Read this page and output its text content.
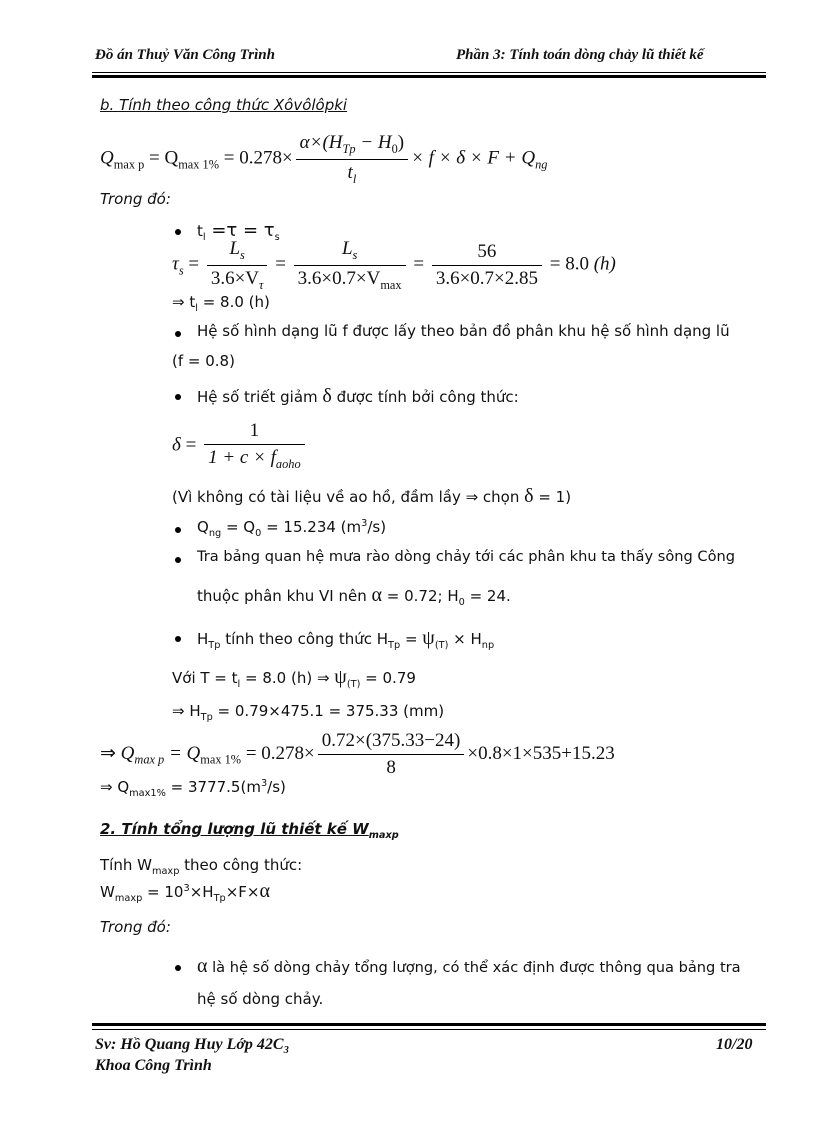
Đồ án Thuỷ Văn Công Trình	Phần 3: Tính toán dòng chảy lũ thiết kế
b. Tính theo công thức Xôvôlôpki
$Q_{max p} = Q_{max 1\%} = 0.278\times \frac{\alpha\times(H_{Tp} - H_0)}{t_l} \times f \times \delta \times F + Q_{ng}$
Trong đó:
$t_l =\tau = \tau_s$
$\tau_s = \frac{L_s}{3.6\times V_\tau} = \frac{L_s}{3.6\times 0.7\times V_{max}} = \frac{56}{3.6\times 0.7\times 2.85} = 8.0$ (h)
⇒ $t_l = 8.0$ (h)
Hệ số hình dạng lũ f được lấy theo bản đồ phân khu hệ số hình dạng lũ
(f = 0.8)
Hệ số triết giảm δ được tính bởi công thức:
$\delta = \frac{1}{1 + c \times f_{aoho}}$
(Vì không có tài liệu về ao hồ, đầm lầy ⇒ chọn δ = 1)
$Q_{ng} = Q_0 = 15.234$ $(m^3/s)$
Tra bảng quan hệ mưa rào dòng chảy tới các phân khu ta thấy sông Công
thuộc phân khu VI nên α = 0.72; $H_0 = 24$.
$H_{Tp}$ tính theo công thức $H_{Tp} = \psi_{(T)} \times H_{np}$
Với $T = t_l = 8.0$ (h) ⇒ $\psi_{(T)} = 0.79$
⇒ $H_{Tp} = 0.79\times 475.1 = 375.33$ (mm)
⇒ $Q_{max p} = Q_{max 1\%} = 0.278\times \frac{0.72\times(375.33-24)}{8} \times 0.8\times 1\times 535+15.23$
⇒ $Q_{max1\%} = 3777.5(m^3/s)$
2. Tính tổng lượng lũ thiết kế $W_{maxp}$
Tính $W_{maxp}$ theo công thức:
$W_{maxp} = 10^3\times H_{Tp}\times F\times\alpha$
Trong đó:
α là hệ số dòng chảy tổng lượng, có thể xác định được thông qua bảng tra
hệ số dòng chảy.
Sv: Hồ Quang Huy Lớp $42C_3$	10/20
Khoa Công Trình
